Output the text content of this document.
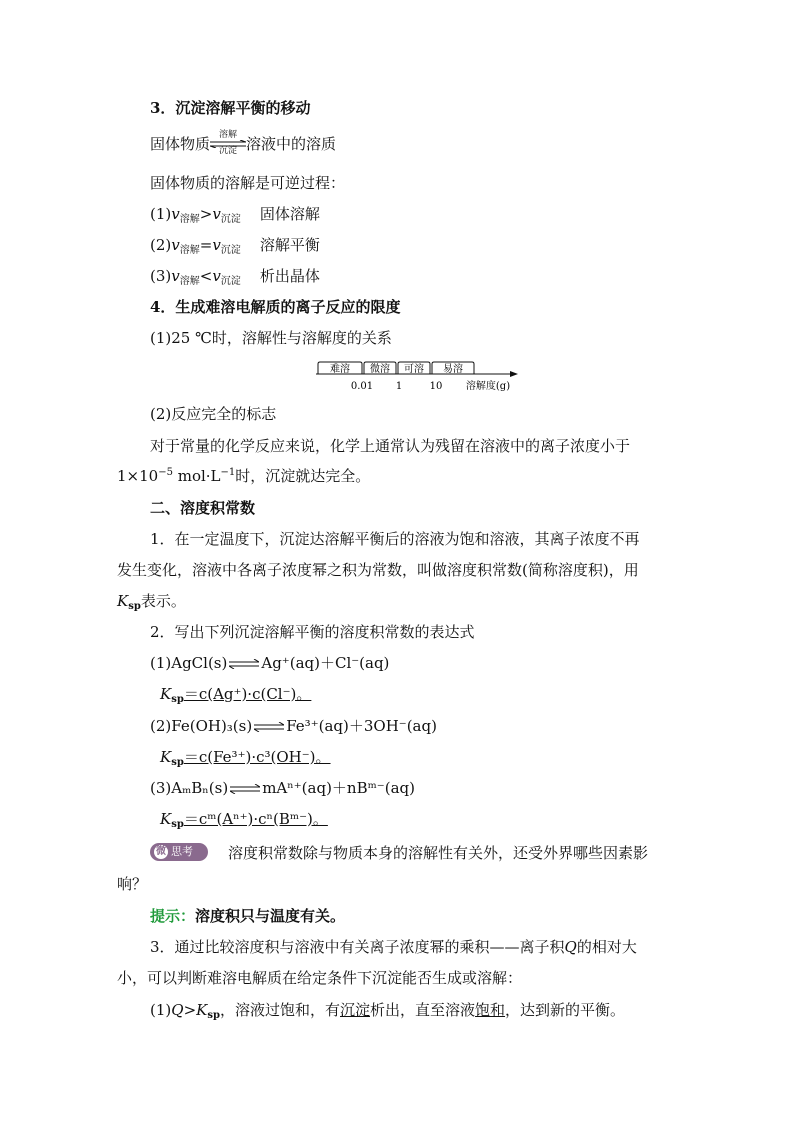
3．沉淀溶解平衡的移动
固体物质 溶解
沉淀 溶液中的溶质
固体物质的溶解是可逆过程：
$(1)v_{溶解}>v_{沉淀}$ 固体溶解
$(2)v_{溶解}=v_{沉淀}$ 溶解平衡
$(3)v_{溶解}<v_{沉淀}$ 析出晶体
4．生成难溶电解质的离子反应的限度
(1)25 ℃时，溶解性与溶解度的关系
难溶 微溶 可溶 易溶
0.01 1	10 溶解度(g)
(2)反应完全的标志
对于常量的化学反应来说，化学上通常认为残留在溶液中的离子浓度小于
$1\times 10^{-5}$ $mol\cdot L^{-1}$时，沉淀就达完全。
二、溶度积常数
1．在一定温度下，沉淀达溶解平衡后的溶液为饱和溶液，其离子浓度不再
发生变化，溶液中各离子浓度幂之积为常数，叫做溶度积常数(简称溶度积)，用
$K_{sp}$表示。
2．写出下列沉淀溶解平衡的溶度积常数的表达式
(1)AgCl(s) ⇌ Ag⁺(aq)＋Cl⁻(aq)
$K_{sp}=c(Ag^+)\cdot c(Cl^-)$。
(2)Fe(OH)₃(s) ⇌ Fe³⁺(aq)＋3OH⁻(aq)
$K_{sp}=c(Fe^{3+})\cdot c^3(OH^-)$。
(3)AₘBₙ(s) ⇌ mAⁿ⁺(aq)＋nBᵐ⁻(aq)
$K_{sp}=cᵐ(A^{n+})\cdot c^n(Bᵐ^-)$。
微 思考	溶度积常数除与物质本身的溶解性有关外，还受外界哪些因素影
响？
提示：溶度积只与温度有关。
3．通过比较溶度积与溶液中有关离子浓度幂的乘积——离子积Q的相对大
小，可以判断难溶电解质在给定条件下沉淀能否生成或溶解：
$(1)Q>K_{sp}$，溶液过饱和，有沉淀析出，直至溶液饱和，达到新的平衡。
